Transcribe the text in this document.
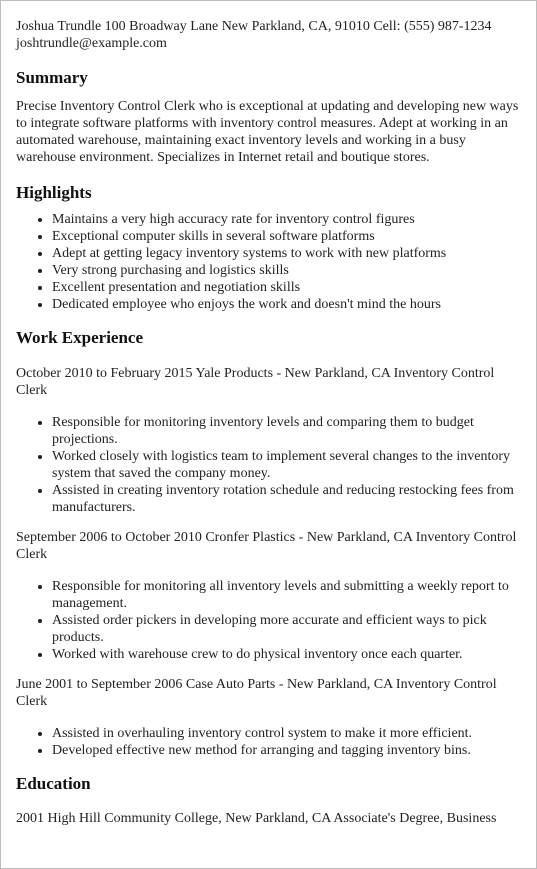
Joshua Trundle 100 Broadway Lane New Parkland, CA, 91010 Cell: (555) 987-1234 joshtrundle@example.com

Summary

Precise Inventory Control Clerk who is exceptional at updating and developing new ways to integrate software platforms with inventory control measures. Adept at working in an automated warehouse, maintaining exact inventory levels and working in a busy warehouse environment. Specializes in Internet retail and boutique stores.

Highlights
• Maintains a very high accuracy rate for inventory control figures
• Exceptional computer skills in several software platforms
• Adept at getting legacy inventory systems to work with new platforms
• Very strong purchasing and logistics skills
• Excellent presentation and negotiation skills
• Dedicated employee who enjoys the work and doesn't mind the hours
Work Experience

October 2010 to February 2015 Yale Products - New Parkland, CA Inventory Control Clerk

• Responsible for monitoring inventory levels and comparing them to budget projections.
• Worked closely with logistics team to implement several changes to the inventory system that saved the company money.
• Assisted in creating inventory rotation schedule and reducing restocking fees from manufacturers.

September 2006 to October 2010 Cronfer Plastics - New Parkland, CA Inventory Control Clerk

• Responsible for monitoring all inventory levels and submitting a weekly report to management.
• Assisted order pickers in developing more accurate and efficient ways to pick products.
• Worked with warehouse crew to do physical inventory once each quarter.

June 2001 to September 2006 Case Auto Parts - New Parkland, CA Inventory Control Clerk

• Assisted in overhauling inventory control system to make it more efficient.
• Developed effective new method for arranging and tagging inventory bins.
Education

2001 High Hill Community College, New Parkland, CA Associate's Degree, Business
